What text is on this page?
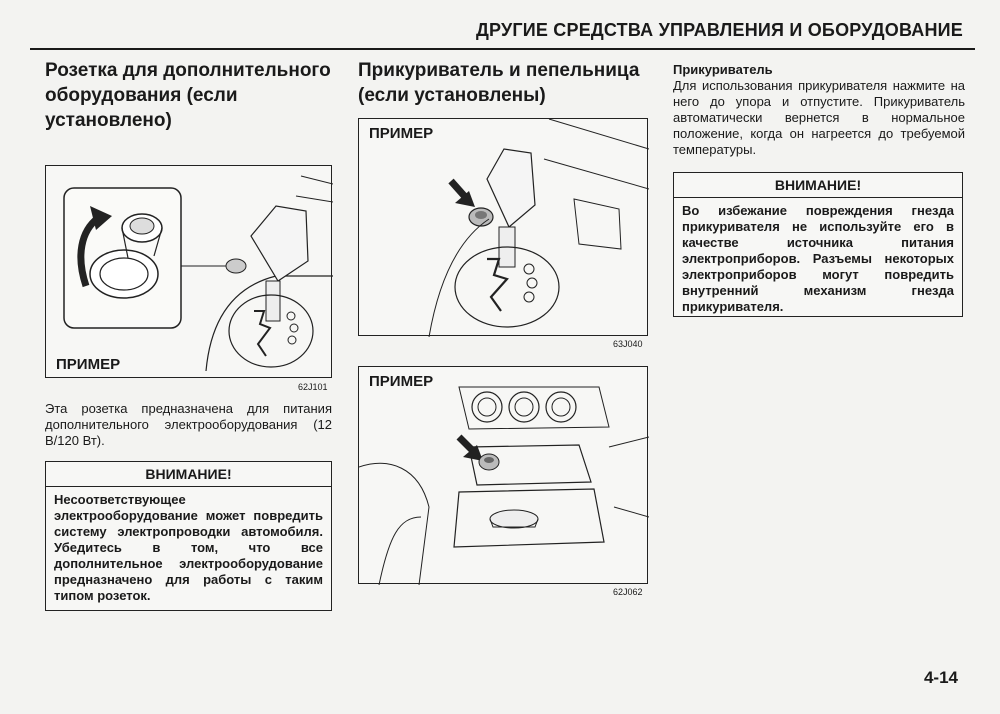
ДРУГИЕ СРЕДСТВА УПРАВЛЕНИЯ И ОБОРУДОВАНИЕ
Розетка для дополнительного оборудования (если установлено)
ПРИМЕР
62J101
Эта розетка предназначена для питания дополнительного электрооборудования (12 В/120 Вт).
ВНИМАНИЕ!
Несоответствующее электрооборудование может повредить систему электропроводки автомобиля. Убедитесь в том, что все дополнительное электрооборудование предназначено для работы с таким типом розеток.
Прикуриватель и пепельница (если установлены)
ПРИМЕР
63J040
ПРИМЕР
62J062
Прикуриватель
Для использования прикуривателя нажмите на него до упора и отпустите. Прикуриватель автоматически вернется в нормальное положение, когда он нагреется до требуемой температуры.
ВНИМАНИЕ!
Во избежание повреждения гнезда прикуривателя не используйте его в качестве источника питания электроприборов. Разъемы некоторых электроприборов могут повредить внутренний механизм гнезда прикуривателя.
4-14
